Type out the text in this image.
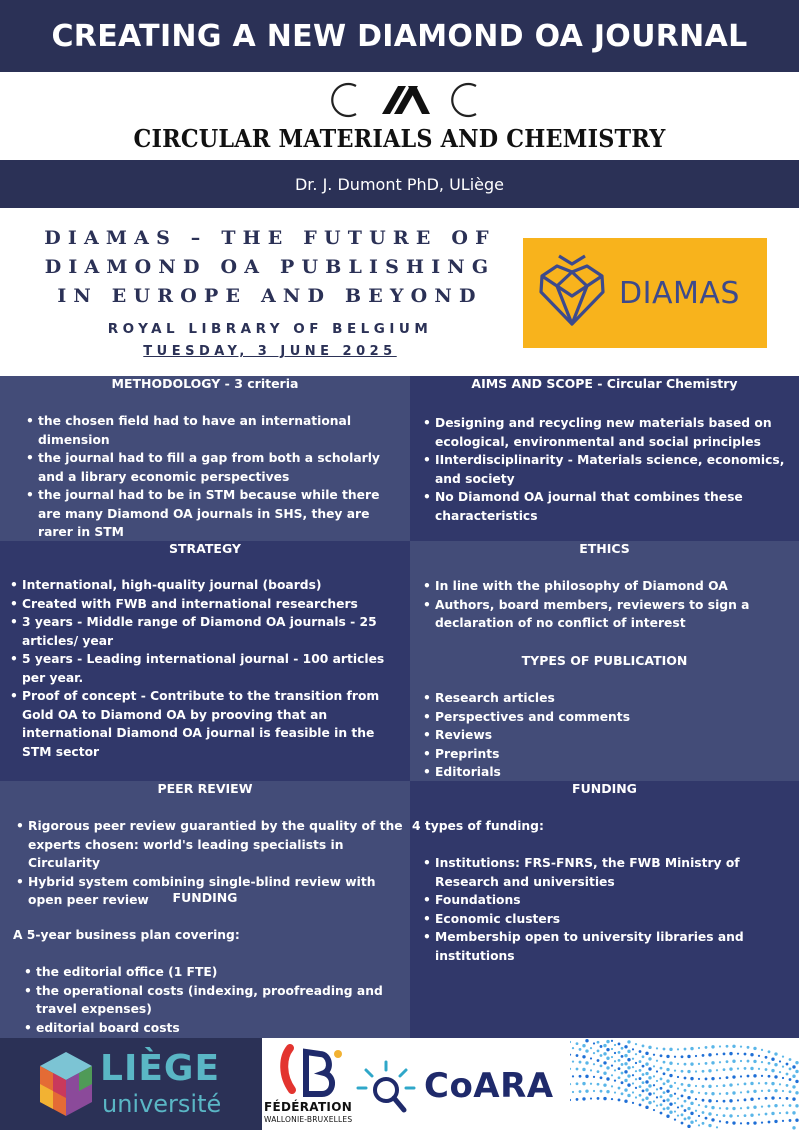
CREATING A NEW DIAMOND OA JOURNAL
CIRCULAR MATERIALS AND CHEMISTRY
Dr. J. Dumont PhD, ULiège
DIAMAS – THE FUTURE OF
DIAMOND OA PUBLISHING
IN EUROPE AND BEYOND
ROYAL LIBRARY OF BELGIUM
TUESDAY, 3 JUNE 2025
DIAMAS
METHODOLOGY - 3 criteria
• the chosen field had to have an international dimension
• the journal had to fill a gap from both a scholarly and a library economic perspectives
• the journal had to be in STM because while there are many Diamond OA journals in SHS, they are rarer in STM
AIMS AND SCOPE - Circular Chemistry
• Designing and recycling new materials based on ecological, environmental and social principles
• IInterdisciplinarity - Materials science, economics, and society
• No Diamond OA journal that combines these characteristics
STRATEGY
• International, high-quality journal (boards)
• Created with FWB and international researchers
• 3 years - Middle range of Diamond OA journals - 25 articles/ year
• 5 years - Leading international journal - 100 articles per year.
• Proof of concept - Contribute to the transition from Gold OA to Diamond OA by prooving that an international Diamond OA journal is feasible in the STM sector
ETHICS
• In line with the philosophy of Diamond OA
• Authors, board members, reviewers to sign a declaration of no conflict of interest
TYPES OF PUBLICATION
• Research articles
• Perspectives and comments
• Reviews
• Preprints
• Editorials
PEER REVIEW
• Rigorous peer review guarantied by the quality of the experts chosen: world's leading specialists in Circularity
• Hybrid system combining single-blind review with open peer review	FUNDING

A 5-year business plan covering:

• the editorial office (1 FTE)
• the operational costs (indexing, proofreading and travel expenses)
• editorial board costs
FUNDING

4 types of funding:

• Institutions: FRS-FNRS, the FWB Ministry of Research and universities
• Foundations
• Economic clusters
• Membership open to university libraries and institutions
LIÈGE
université	FÉDÉRATION
WALLONIE-BRUXELLES
CoARA
